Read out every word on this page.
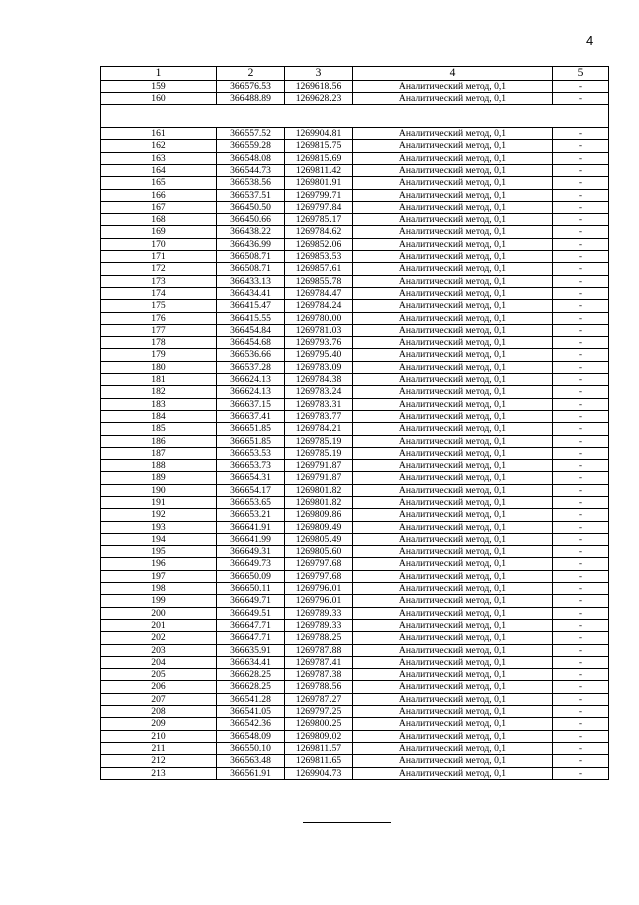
4
1	2	3	4	5
159	366576.53	1269618.56	Аналитический метод, 0,1	-
160	366488.89	1269628.23	Аналитический метод, 0,1	-

161	366557.52	1269904.81	Аналитический метод, 0,1	-
162	366559.28	1269815.75	Аналитический метод, 0,1	-
163	366548.08	1269815.69	Аналитический метод, 0,1	-
164	366544.73	1269811.42	Аналитический метод, 0,1	-
165	366538.56	1269801.91	Аналитический метод, 0,1	-
166	366537.51	1269799.71	Аналитический метод, 0,1	-
167	366450.50	1269797.84	Аналитический метод, 0,1	-
168	366450.66	1269785.17	Аналитический метод, 0,1	-
169	366438.22	1269784.62	Аналитический метод, 0,1	-
170	366436.99	1269852.06	Аналитический метод, 0,1	-
171	366508.71	1269853.53	Аналитический метод, 0,1	-
172	366508.71	1269857.61	Аналитический метод, 0,1	-
173	366433.13	1269855.78	Аналитический метод, 0,1	-
174	366434.41	1269784.47	Аналитический метод, 0,1	-
175	366415.47	1269784.24	Аналитический метод, 0,1	-
176	366415.55	1269780.00	Аналитический метод, 0,1	-
177	366454.84	1269781.03	Аналитический метод, 0,1	-
178	366454.68	1269793.76	Аналитический метод, 0,1	-
179	366536.66	1269795.40	Аналитический метод, 0,1	-
180	366537.28	1269783.09	Аналитический метод, 0,1	-
181	366624.13	1269784.38	Аналитический метод, 0,1	-
182	366624.13	1269783.24	Аналитический метод, 0,1	-
183	366637.15	1269783.31	Аналитический метод, 0,1	-
184	366637.41	1269783.77	Аналитический метод, 0,1	-
185	366651.85	1269784.21	Аналитический метод, 0,1	-
186	366651.85	1269785.19	Аналитический метод, 0,1	-
187	366653.53	1269785.19	Аналитический метод, 0,1	-
188	366653.73	1269791.87	Аналитический метод, 0,1	-
189	366654.31	1269791.87	Аналитический метод, 0,1	-
190	366654.17	1269801.82	Аналитический метод, 0,1	-
191	366653.65	1269801.82	Аналитический метод, 0,1	-
192	366653.21	1269809.86	Аналитический метод, 0,1	-
193	366641.91	1269809.49	Аналитический метод, 0,1	-
194	366641.99	1269805.49	Аналитический метод, 0,1	-
195	366649.31	1269805.60	Аналитический метод, 0,1	-
196	366649.73	1269797.68	Аналитический метод, 0,1	-
197	366650.09	1269797.68	Аналитический метод, 0,1	-
198	366650.11	1269796.01	Аналитический метод, 0,1	-
199	366649.71	1269796.01	Аналитический метод, 0,1	-
200	366649.51	1269789.33	Аналитический метод, 0,1	-
201	366647.71	1269789.33	Аналитический метод, 0,1	-
202	366647.71	1269788.25	Аналитический метод, 0,1	-
203	366635.91	1269787.88	Аналитический метод, 0,1	-
204	366634.41	1269787.41	Аналитический метод, 0,1	-
205	366628.25	1269787.38	Аналитический метод, 0,1	-
206	366628.25	1269788.56	Аналитический метод, 0,1	-
207	366541.28	1269787.27	Аналитический метод, 0,1	-
208	366541.05	1269797.25	Аналитический метод, 0,1	-
209	366542.36	1269800.25	Аналитический метод, 0,1	-
210	366548.09	1269809.02	Аналитический метод, 0,1	-
211	366550.10	1269811.57	Аналитический метод, 0,1	-
212	366563.48	1269811.65	Аналитический метод, 0,1	-
213	366561.91	1269904.73	Аналитический метод, 0,1	-
